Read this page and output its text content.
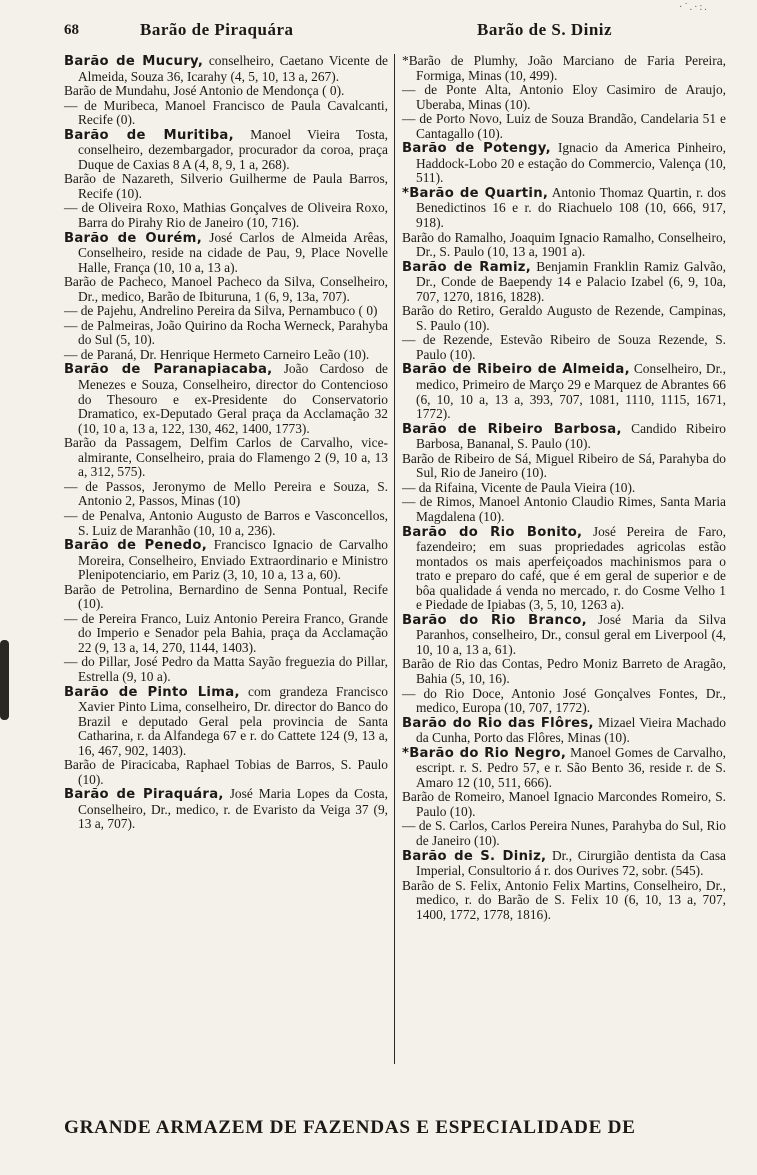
·˙.·:.
68	Barão de Piraquára	Barão de S. Diniz

Barão de Mucury, conselheiro, Caetano Vicente de Almeida, Souza 36, Icarahy (4, 5, 10, 13 a, 267).

Barão de Mundahu, José Antonio de Mendonça ( 0).

— de Muribeca, Manoel Francisco de Paula Cavalcanti, Recife (0).

Barão de Muritiba, Manoel Vieira Tosta, conselheiro, dezembargador, procurador da coroa, praça Duque de Caxias 8 A (4, 8, 9, 1 a, 268).

Barão de Nazareth, Silverio Guilherme de Paula Barros, Recife (10).

— de Oliveira Roxo, Mathias Gonçalves de Oliveira Roxo, Barra do Pirahy Rio de Janeiro (10, 716).

Barão de Ourém, José Carlos de Almeida Arêas, Conselheiro, reside na cidade de Pau, 9, Place Novelle Halle, França (10, 10 a, 13 a).

Barão de Pacheco, Manoel Pacheco da Silva, Conselheiro, Dr., medico, Barão de Ibituruna, 1 (6, 9, 13a, 707).

— de Pajehu, Andrelino Pereira da Silva, Pernambuco ( 0)

— de Palmeiras, João Quirino da Rocha Werneck, Parahyba do Sul (5, 10).

— de Paraná, Dr. Henrique Hermeto Carneiro Leão (10).

Barão de Paranapiacaba, João Cardoso de Menezes e Souza, Conselheiro, director do Contencioso do Thesouro e ex-Presidente do Conservatorio Dramatico, ex-Deputado Geral praça da Acclamação 32 (10, 10 a, 13 a, 122, 130, 462, 1400, 1773).

Barão da Passagem, Delfim Carlos de Carvalho, vice-almirante, Conselheiro, praia do Flamengo 2 (9, 10 a, 13 a, 312, 575).

— de Passos, Jeronymo de Mello Pereira e Souza, S. Antonio 2, Passos, Minas (10)

— de Penalva, Antonio Augusto de Barros e Vasconcellos, S. Luiz de Maranhão (10, 10 a, 236).

Barão de Penedo, Francisco Ignacio de Carvalho Moreira, Conselheiro, Enviado Extraordinario e Ministro Plenipotenciario, em Pariz (3, 10, 10 a, 13 a, 60).

Barão de Petrolina, Bernardino de Senna Pontual, Recife (10).

— de Pereira Franco, Luiz Antonio Pereira Franco, Grande do Imperio e Senador pela Bahia, praça da Acclamação 22 (9, 13 a, 14, 270, 1144, 1403).

— do Pillar, José Pedro da Matta Sayão freguezia do Pillar, Estrella (9, 10 a).

Barão de Pinto Lima, com grandeza Francisco Xavier Pinto Lima, conselheiro, Dr. director do Banco do Brazil e deputado Geral pela provincia de Santa Catharina, r. da Alfandega 67 e r. do Cattete 124 (9, 13 a, 16, 467, 902, 1403).

Barão de Piracicaba, Raphael Tobias de Barros, S. Paulo (10).

Barão de Piraquára, José Maria Lopes da Costa, Conselheiro, Dr., medico, r. de Evaristo da Veiga 37 (9, 13 a, 707).

*Barão de Plumhy, João Marciano de Faria Pereira, Formiga, Minas (10, 499).

— de Ponte Alta, Antonio Eloy Casimiro de Araujo, Uberaba, Minas (10).

— de Porto Novo, Luiz de Souza Brandão, Candelaria 51 e Cantagallo (10).

Barão de Potengy, Ignacio da America Pinheiro, Haddock-Lobo 20 e estação do Commercio, Valença (10, 511).

*Barão de Quartin, Antonio Thomaz Quartin, r. dos Benedictinos 16 e r. do Riachuelo 108 (10, 666, 917, 918).

Barão do Ramalho, Joaquim Ignacio Ramalho, Conselheiro, Dr., S. Paulo (10, 13 a, 1901 a).

Barão de Ramiz, Benjamin Franklin Ramiz Galvão, Dr., Conde de Baependy 14 e Palacio Izabel (6, 9, 10a, 707, 1270, 1816, 1828).

Barão do Retiro, Geraldo Augusto de Rezende, Campinas, S. Paulo (10).

— de Rezende, Estevão Ribeiro de Souza Rezende, S. Paulo (10).

Barão de Ribeiro de Almeida, Conselheiro, Dr., medico, Primeiro de Março 29 e Marquez de Abrantes 66 (6, 10, 10 a, 13 a, 393, 707, 1081, 1110, 1115, 1671, 1772).

Barão de Ribeiro Barbosa, Candido Ribeiro Barbosa, Bananal, S. Paulo (10).

Barão de Ribeiro de Sá, Miguel Ribeiro de Sá, Parahyba do Sul, Rio de Janeiro (10).

— da Rifaina, Vicente de Paula Vieira (10).

— de Rimos, Manoel Antonio Claudio Rimes, Santa Maria Magdalena (10).

Barão do Rio Bonito, José Pereira de Faro, fazendeiro; em suas propriedades agricolas estão montados os mais aperfeiçoados machinismos para o trato e preparo do café, que é em geral de superior e de bôa qualidade á venda no mercado, r. do Cosme Velho 1 e Piedade de Ipiabas (3, 5, 10, 1263 a).

Barão do Rio Branco, José Maria da Silva Paranhos, conselheiro, Dr., consul geral em Liverpool (4, 10, 10 a, 13 a, 61).

Barão de Rio das Contas, Pedro Moniz Barreto de Aragão, Bahia (5, 10, 16).

— do Rio Doce, Antonio José Gonçalves Fontes, Dr., medico, Europa (10, 707, 1772).

Barão do Rio das Flôres, Mizael Vieira Machado da Cunha, Porto das Flôres, Minas (10).

*Barão do Rio Negro, Manoel Gomes de Carvalho, escript. r. S. Pedro 57, e r. São Bento 36, reside r. de S. Amaro 12 (10, 511, 666).

Barão de Romeiro, Manoel Ignacio Marcondes Romeiro, S. Paulo (10).

— de S. Carlos, Carlos Pereira Nunes, Parahyba do Sul, Rio de Janeiro (10).

Barão de S. Diniz, Dr., Cirurgião dentista da Casa Imperial, Consultorio á r. dos Ourives 72, sobr. (545).

Barão de S. Felix, Antonio Felix Martins, Conselheiro, Dr., medico, r. do Barão de S. Felix 10 (6, 10, 13 a, 707, 1400, 1772, 1778, 1816).

GRANDE ARMAZEM DE FAZENDAS E ESPECIALIDADE DE
